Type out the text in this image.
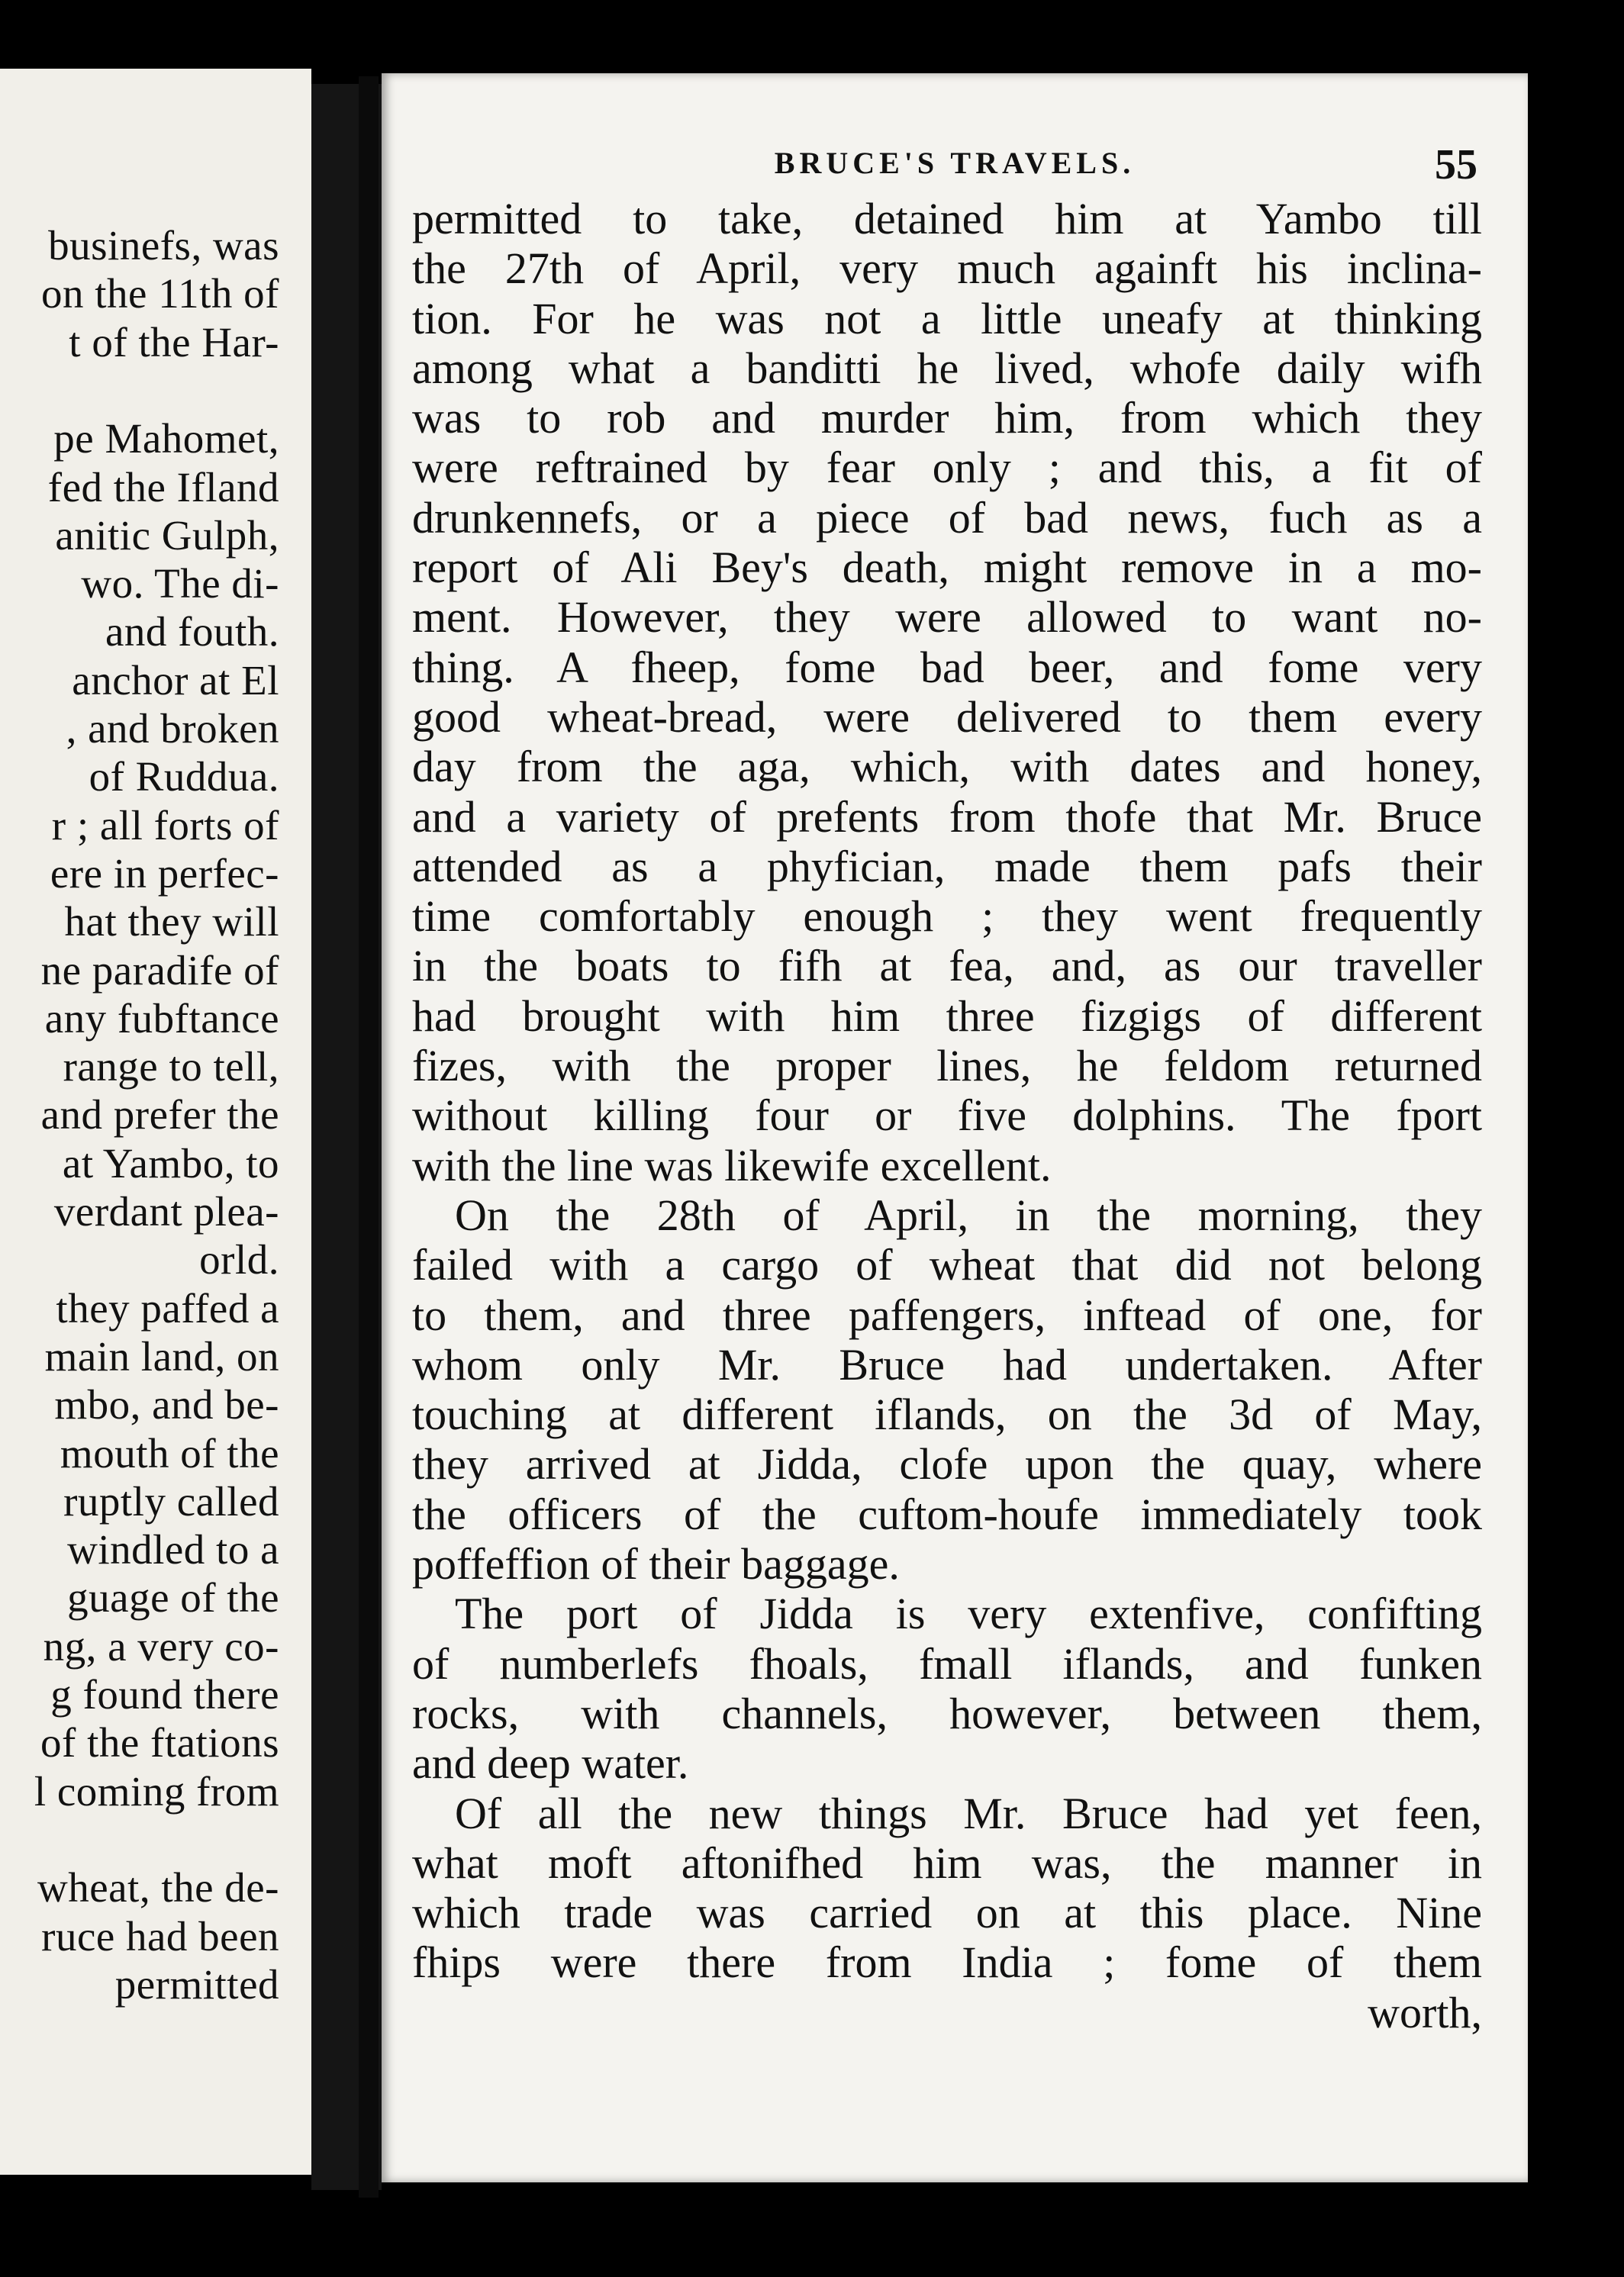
businefs, was
on the 11th of
t of the Har-
pe Mahomet,
fed the Ifland
anitic Gulph,
wo. The di-
and fouth.
anchor at El
, and broken
of Ruddua.
r ; all forts of
ere in perfec-
hat they will
ne paradife of
any fubftance
range to tell,
and prefer the
at Yambo, to
verdant plea-
orld.
they paffed a
main land, on
mbo, and be-
mouth of the
ruptly called
windled to a
guage of the
ng, a very co-
g found there
of the ftations
l coming from
wheat, the de-
ruce had been
permitted
BRUCE'S TRAVELS.	55
permitted to take, detained him at Yambo till
the 27th of April, very much againft his inclina-
tion. For he was not a little uneafy at thinking
among what a banditti he lived, whofe daily wifh
was to rob and murder him, from which they
were reftrained by fear only ; and this, a fit of
drunkennefs, or a piece of bad news, fuch as a
report of Ali Bey's death, might remove in a mo-
ment. However, they were allowed to want no-
thing. A fheep, fome bad beer, and fome very
good wheat-bread, were delivered to them every
day from the aga, which, with dates and honey,
and a variety of prefents from thofe that Mr. Bruce
attended as a phyfician, made them pafs their
time comfortably enough ; they went frequently
in the boats to fifh at fea, and, as our traveller
had brought with him three fizgigs of different
fizes, with the proper lines, he feldom returned
without killing four or five dolphins. The fport
with the line was likewife excellent.
On the 28th of April, in the morning, they
failed with a cargo of wheat that did not belong
to them, and three paffengers, inftead of one, for
whom only Mr. Bruce had undertaken. After
touching at different iflands, on the 3d of May,
they arrived at Jidda, clofe upon the quay, where
the officers of the cuftom-houfe immediately took
poffeffion of their baggage.
The port of Jidda is very extenfive, confifting
of numberlefs fhoals, fmall iflands, and funken
rocks, with channels, however, between them,
and deep water.
Of all the new things Mr. Bruce had yet feen,
what moft aftonifhed him was, the manner in
which trade was carried on at this place. Nine
fhips were there from India ; fome of them
worth,
